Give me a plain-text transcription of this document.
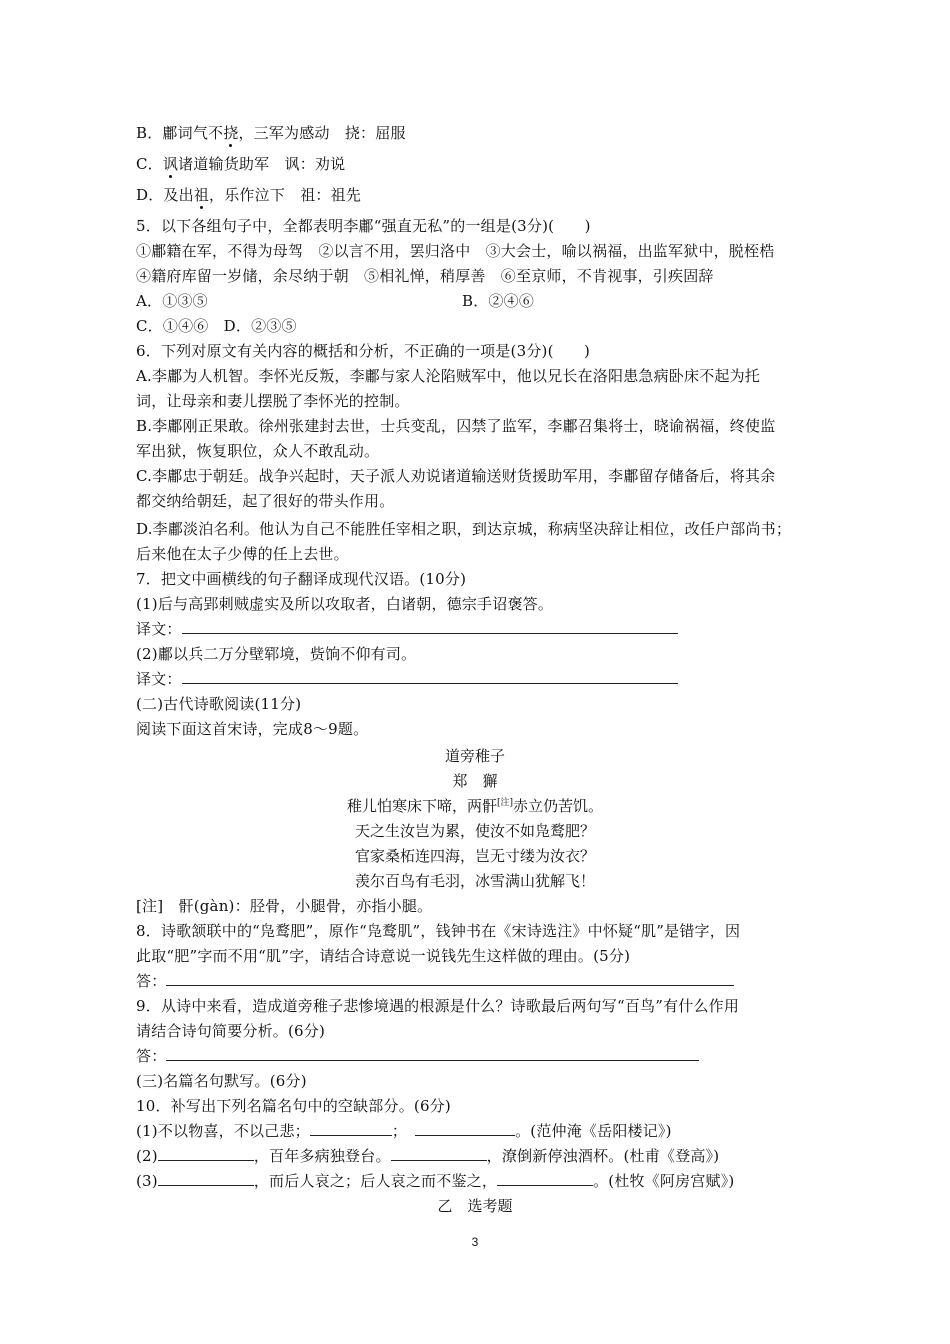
B．鄘词气不挠，三军为感动　挠：屈服
C．讽诸道输货助军　讽：劝说
D．及出祖，乐作泣下　祖：祖先
5．以下各组句子中，全都表明李鄘“强直无私”的一组是(3分)(　　)
①鄘籍在军，不得为母驾　②以言不用，罢归洛中　③大会士，喻以祸福，出监军狱中，脱桎梏
④籍府库留一岁储，余尽纳于朝　⑤相礼惮，稍厚善　⑥至京师，不肯视事，引疾固辞
A．①③⑤	B．②④⑥
C．①④⑥　D．②③⑤
6．下列对原文有关内容的概括和分析，不正确的一项是(3分)(　　)
A.李鄘为人机智。李怀光反叛，李鄘与家人沦陷贼军中，他以兄长在洛阳患急病卧床不起为托
词，让母亲和妻儿摆脱了李怀光的控制。
B.李鄘刚正果敢。徐州张建封去世，士兵变乱，囚禁了监军，李鄘召集将士，晓谕祸福，终使监
军出狱，恢复职位，众人不敢乱动。
C.李鄘忠于朝廷。战争兴起时，天子派人劝说诸道输送财货援助军用，李鄘留存储备后，将其余
都交纳给朝廷，起了很好的带头作用。
D.李鄘淡泊名利。他认为自己不能胜任宰相之职，到达京城，称病坚决辞让相位，改任户部尚书；
后来他在太子少傅的任上去世。
7．把文中画横线的句子翻译成现代汉语。(10分)
(1)后与高郢刺贼虚实及所以攻取者，白诸朝，德宗手诏褒答。
译文：
(2)鄘以兵二万分壁郓境，赀饷不仰有司。
译文：
(二)古代诗歌阅读(11分)
阅读下面这首宋诗，完成8～9题。
道旁稚子
郑　獬
稚儿怕寒床下啼，两骭[注]赤立仍苦饥。
天之生汝岂为累，使汝不如凫鹜肥？
官家桑柘连四海，岂无寸缕为汝衣？
羡尔百鸟有毛羽，冰雪满山犹解飞！
[注]　骭(gàn)：胫骨，小腿骨，亦指小腿。
8．诗歌颔联中的“凫鹜肥”，原作“凫鹜肌”，钱钟书在《宋诗选注》中怀疑“肌”是错字，因
此取“肥”字而不用“肌”字，请结合诗意说一说钱先生这样做的理由。(5分)
答：
9．从诗中来看，造成道旁稚子悲惨境遇的根源是什么？诗歌最后两句写“百鸟”有什么作用
请结合诗句简要分析。(6分)
答：
(三)名篇名句默写。(6分)
10．补写出下列名篇名句中的空缺部分。(6分)
(1)不以物喜，不以己悲；	；	。(范仲淹《岳阳楼记》)
(2)	，百年多病独登台。	，潦倒新停浊酒杯。(杜甫《登高》)
(3)	，而后人哀之；后人哀之而不鉴之，	。(杜牧《阿房宫赋》)
乙　选考题
3
